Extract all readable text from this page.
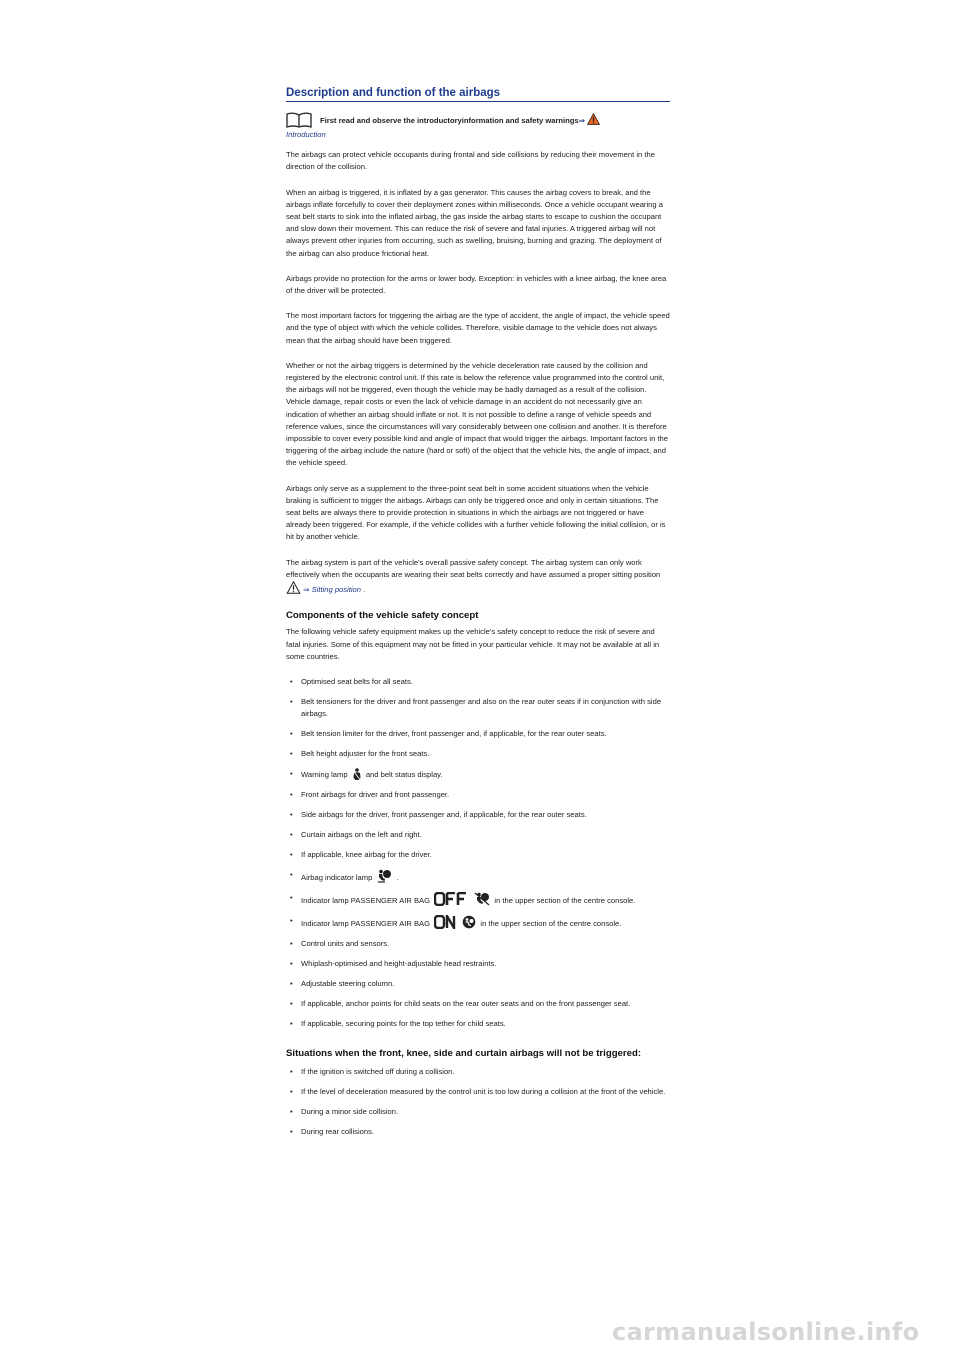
Description and function of the airbags
First read and observe the introductoryinformation and safety warnings⇒
Introduction

The airbags can protect vehicle occupants during frontal and side collisions by reducing their movement in the direction of the collision.

When an airbag is triggered, it is inflated by a gas generator. This causes the airbag covers to break, and the airbags inflate forcefully to cover their deployment zones within milliseconds. Once a vehicle occupant wearing a seat belt starts to sink into the inflated airbag, the gas inside the airbag starts to escape to cushion the occupant and slow down their movement. This can reduce the risk of severe and fatal injuries. A triggered airbag will not always prevent other injuries from occurring, such as swelling, bruising, burning and grazing. The deployment of the airbag can also produce frictional heat.

Airbags provide no protection for the arms or lower body. Exception: in vehicles with a knee airbag, the knee area of the driver will be protected.

The most important factors for triggering the airbag are the type of accident, the angle of impact, the vehicle speed and the type of object with which the vehicle collides. Therefore, visible damage to the vehicle does not always mean that the airbag should have been triggered.

Whether or not the airbag triggers is determined by the vehicle deceleration rate caused by the collision and registered by the electronic control unit. If this rate is below the reference value programmed into the control unit, the airbags will not be triggered, even though the vehicle may be badly damaged as a result of the collision. Vehicle damage, repair costs or even the lack of vehicle damage in an accident do not necessarily give an indication of whether an airbag should inflate or not. It is not possible to define a range of vehicle speeds and reference values, since the circumstances will vary considerably between one collision and another. It is therefore impossible to cover every possible kind and angle of impact that would trigger the airbags. Important factors in the triggering of the airbag include the nature (hard or soft) of the object that the vehicle hits, the angle of impact, and the vehicle speed.

Airbags only serve as a supplement to the three-point seat belt in some accident situations when the vehicle braking is sufficient to trigger the airbags. Airbags can only be triggered once and only in certain situations. The seat belts are always there to provide protection in situations in which the airbags are not triggered or have already been triggered. For example, if the vehicle collides with a further vehicle following the initial collision, or is hit by another vehicle.

The airbag system is part of the vehicle's overall passive safety concept. The airbag system can only work effectively when the occupants are wearing their seat belts correctly and have assumed a proper sitting position  ⇒ Sitting position .

Components of the vehicle safety concept

The following vehicle safety equipment makes up the vehicle's safety concept to reduce the risk of severe and fatal injuries. Some of this equipment may not be fitted in your particular vehicle. It may not be available at all in some countries.

• Optimised seat belts for all seats.
• Belt tensioners for the driver and front passenger and also on the rear outer seats if in conjunction with side airbags.
• Belt tension limiter for the driver, front passenger and, if applicable, for the rear outer seats.
• Belt height adjuster for the front seats.
• Warning lamp and belt status display.
• Front airbags for driver and front passenger.
• Side airbags for the driver, front passenger and, if applicable, for the rear outer seats.
• Curtain airbags on the left and right.
• If applicable, knee airbag for the driver.
• Airbag indicator lamp	.
• Indicator lamp PASSENGER AIR BAG	in the upper section of the centre console.
• Indicator lamp PASSENGER AIR BAG	in the upper section of the centre console.
• Control units and sensors.
• Whiplash-optimised and height-adjustable head restraints.
• Adjustable steering column.
• If applicable, anchor points for child seats on the rear outer seats and on the front passenger seat.
• If applicable, securing points for the top tether for child seats.
Situations when the front, knee, side and curtain airbags will not be triggered:
• If the ignition is switched off during a collision.
• If the level of deceleration measured by the control unit is too low during a collision at the front of the vehicle.
• During a minor side collision.
• During rear collisions.
carmanualsonline.info
